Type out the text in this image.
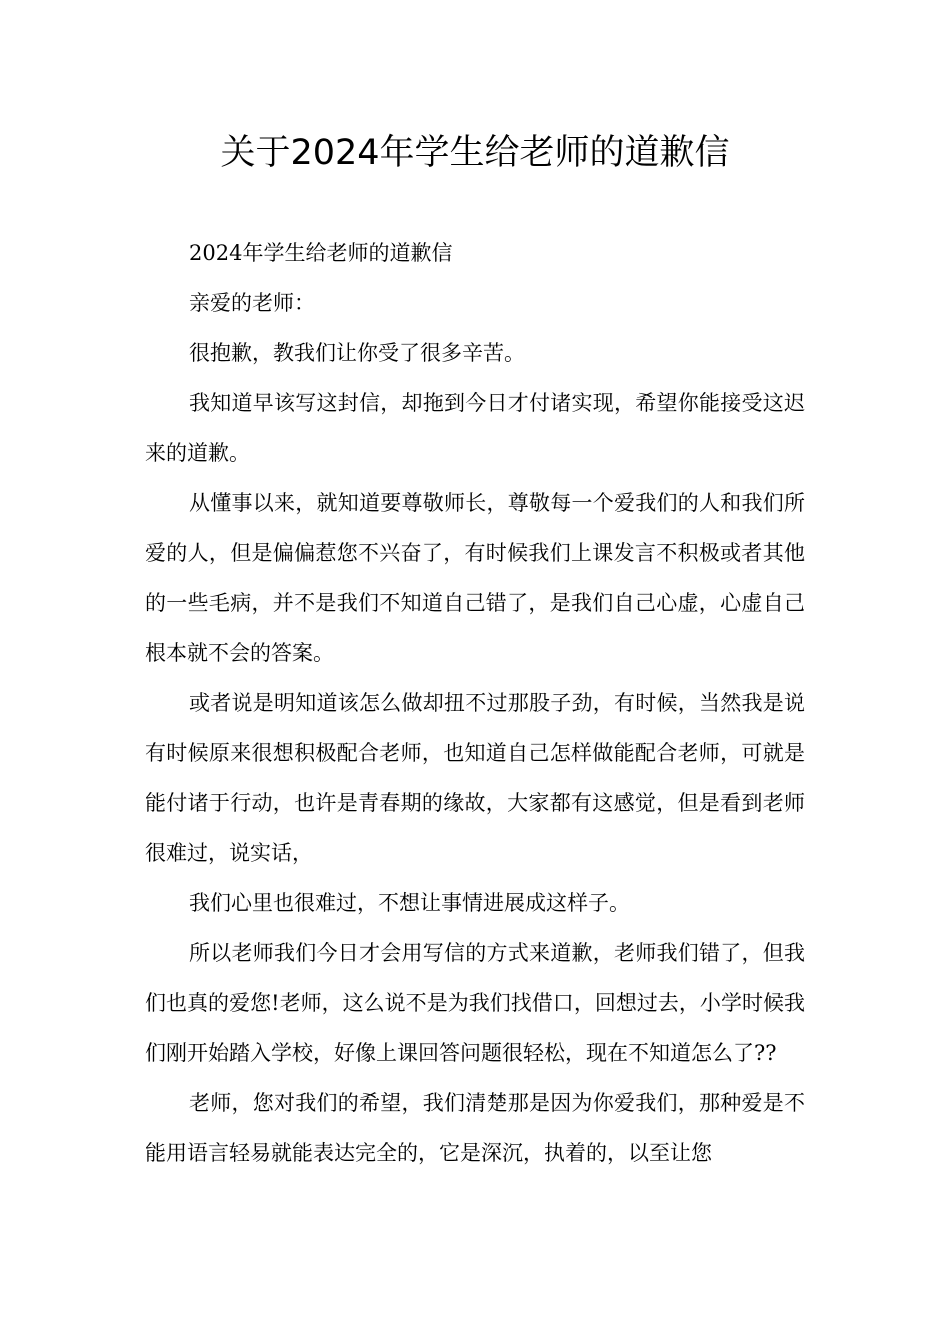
关于2024年学生给老师的道歉信

2024年学生给老师的道歉信

亲爱的老师：

很抱歉，教我们让你受了很多辛苦。

我知道早该写这封信，却拖到今日才付诸实现，希望你能接受这迟来的道歉。

从懂事以来，就知道要尊敬师长，尊敬每一个爱我们的人和我们所爱的人，但是偏偏惹您不兴奋了，有时候我们上课发言不积极或者其他的一些毛病，并不是我们不知道自己错了，是我们自己心虚，心虚自己根本就不会的答案。

或者说是明知道该怎么做却扭不过那股子劲，有时候，当然我是说有时候原来很想积极配合老师，也知道自己怎样做能配合老师，可就是能付诸于行动，也许是青春期的缘故，大家都有这感觉，但是看到老师很难过，说实话，

我们心里也很难过，不想让事情进展成这样子。

所以老师我们今日才会用写信的方式来道歉，老师我们错了，但我们也真的爱您!老师，这么说不是为我们找借口，回想过去，小学时候我们刚开始踏入学校，好像上课回答问题很轻松，现在不知道怎么了??

老师，您对我们的希望，我们清楚那是因为你爱我们，那种爱是不能用语言轻易就能表达完全的，它是深沉，执着的，以至让您
